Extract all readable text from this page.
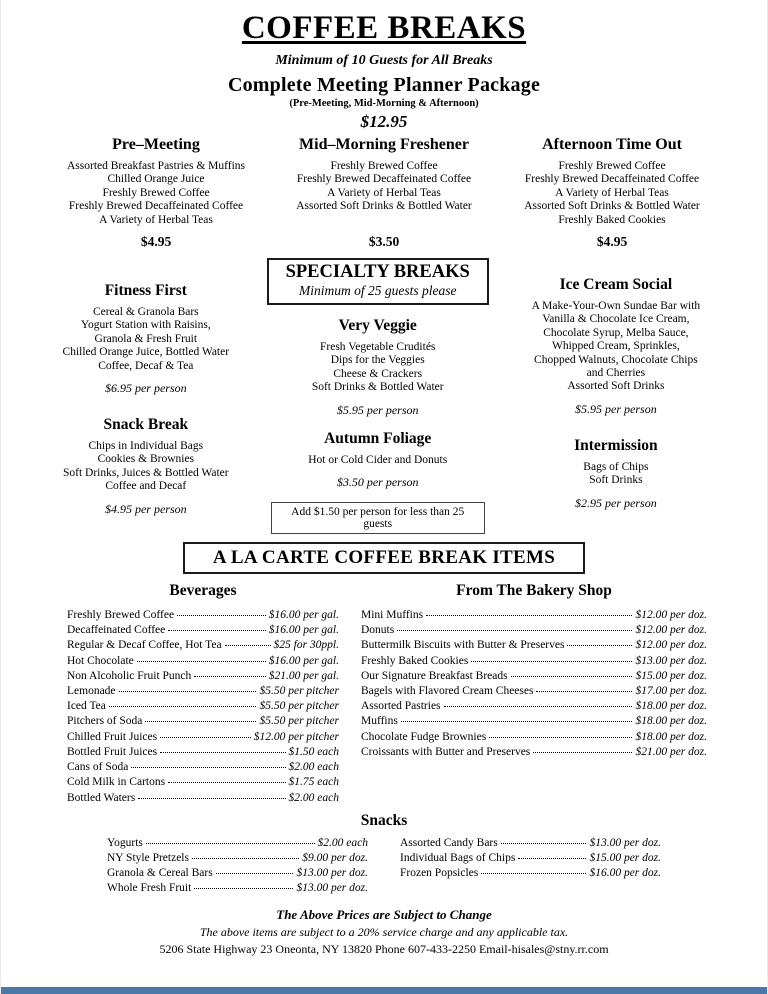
COFFEE BREAKS
Minimum of 10 Guests for All Breaks
Complete Meeting Planner Package
(Pre-Meeting, Mid-Morning & Afternoon)
$12.95
Pre–Meeting
Assorted Breakfast Pastries & Muffins
Chilled Orange Juice
Freshly Brewed Coffee
Freshly Brewed Decaffeinated Coffee
A Variety of Herbal Teas
$4.95
Mid–Morning Freshener
Freshly Brewed Coffee
Freshly Brewed Decaffeinated Coffee
A Variety of Herbal Teas
Assorted Soft Drinks & Bottled Water
$3.50
Afternoon Time Out
Freshly Brewed Coffee
Freshly Brewed Decaffeinated Coffee
A Variety of Herbal Teas
Assorted Soft Drinks & Bottled Water
Freshly Baked Cookies
$4.95
Fitness First
Cereal & Granola Bars
Yogurt Station with Raisins,
Granola & Fresh Fruit
Chilled Orange Juice, Bottled Water
Coffee, Decaf & Tea
$6.95 per person
Snack Break
Chips in Individual Bags
Cookies & Brownies
Soft Drinks, Juices & Bottled Water
Coffee and Decaf
$4.95 per person
SPECIALTY BREAKS
Minimum of 25 guests please
Very Veggie
Fresh Vegetable Crudités
Dips for the Veggies
Cheese & Crackers
Soft Drinks & Bottled Water
$5.95 per person
Autumn Foliage
Hot or Cold Cider and Donuts
$3.50 per person
Add $1.50 per person for less than 25 guests
Ice Cream Social
A Make-Your-Own Sundae Bar with
Vanilla & Chocolate Ice Cream,
Chocolate Syrup, Melba Sauce,
Whipped Cream, Sprinkles,
Chopped Walnuts, Chocolate Chips
and Cherries
Assorted Soft Drinks
$5.95 per person
Intermission
Bags of Chips
Soft Drinks
$2.95 per person
A LA CARTE COFFEE BREAK ITEMS
Beverages
Freshly Brewed Coffee	$16.00 per gal.
Decaffeinated Coffee	$16.00 per gal.
Regular & Decaf Coffee, Hot Tea	$25 for 30ppl.
Hot Chocolate	$16.00 per gal.
Non Alcoholic Fruit Punch	$21.00 per gal.
Lemonade	$5.50 per pitcher
Iced Tea	$5.50 per pitcher
Pitchers of Soda	$5.50 per pitcher
Chilled Fruit Juices	$12.00 per pitcher
Bottled Fruit Juices	$1.50 each
Cans of Soda	$2.00 each
Cold Milk in Cartons	$1.75 each
Bottled Waters	$2.00 each
From The Bakery Shop
Mini Muffins	$12.00 per doz.
Donuts	$12.00 per doz.
Buttermilk Biscuits with Butter & Preserves	$12.00 per doz.
Freshly Baked Cookies	$13.00 per doz.
Our Signature Breakfast Breads	$15.00 per doz.
Bagels with Flavored Cream Cheeses	$17.00 per doz.
Assorted Pastries	$18.00 per doz.
Muffins	$18.00 per doz.
Chocolate Fudge Brownies	$18.00 per doz.
Croissants with Butter and Preserves	$21.00 per doz.
Snacks
Yogurts	$2.00 each
NY Style Pretzels	$9.00 per doz.
Granola & Cereal Bars	$13.00 per doz.
Whole Fresh Fruit	$13.00 per doz.
Assorted Candy Bars	$13.00 per doz.
Individual Bags of Chips	$15.00 per doz.
Frozen Popsicles	$16.00 per doz.
The Above Prices are Subject to Change
The above items are subject to a 20% service charge and any applicable tax.
5206 State Highway 23 Oneonta, NY 13820 Phone 607-433-2250 Email-hisales@stny.rr.com
